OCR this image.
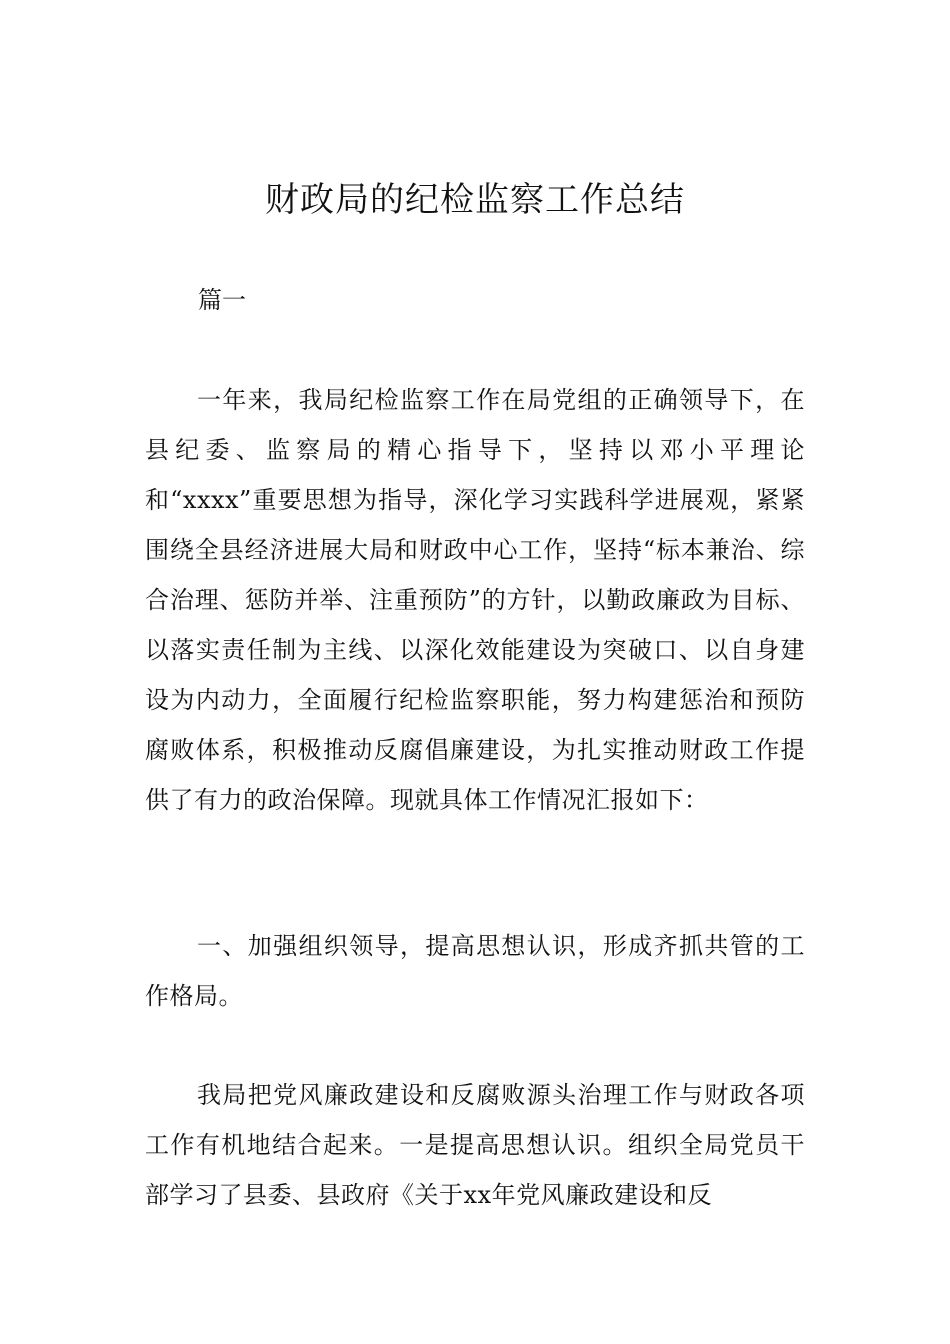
财政局的纪检监察工作总结

篇一

一年来，我局纪检监察工作在局党组的正确领导下，在县纪委、监察局的精心指导下，坚持以邓小平理论和“xxxx”重要思想为指导，深化学习实践科学进展观，紧紧围绕全县经济进展大局和财政中心工作，坚持“标本兼治、综合治理、惩防并举、注重预防”的方针，以勤政廉政为目标、以落实责任制为主线、以深化效能建设为突破口、以自身建设为内动力，全面履行纪检监察职能，努力构建惩治和预防腐败体系，积极推动反腐倡廉建设，为扎实推动财政工作提供了有力的政治保障。现就具体工作情况汇报如下：

一、加强组织领导，提高思想认识，形成齐抓共管的工作格局。

我局把党风廉政建设和反腐败源头治理工作与财政各项工作有机地结合起来。一是提高思想认识。组织全局党员干部学习了县委、县政府《关于xx年党风廉政建设和反
